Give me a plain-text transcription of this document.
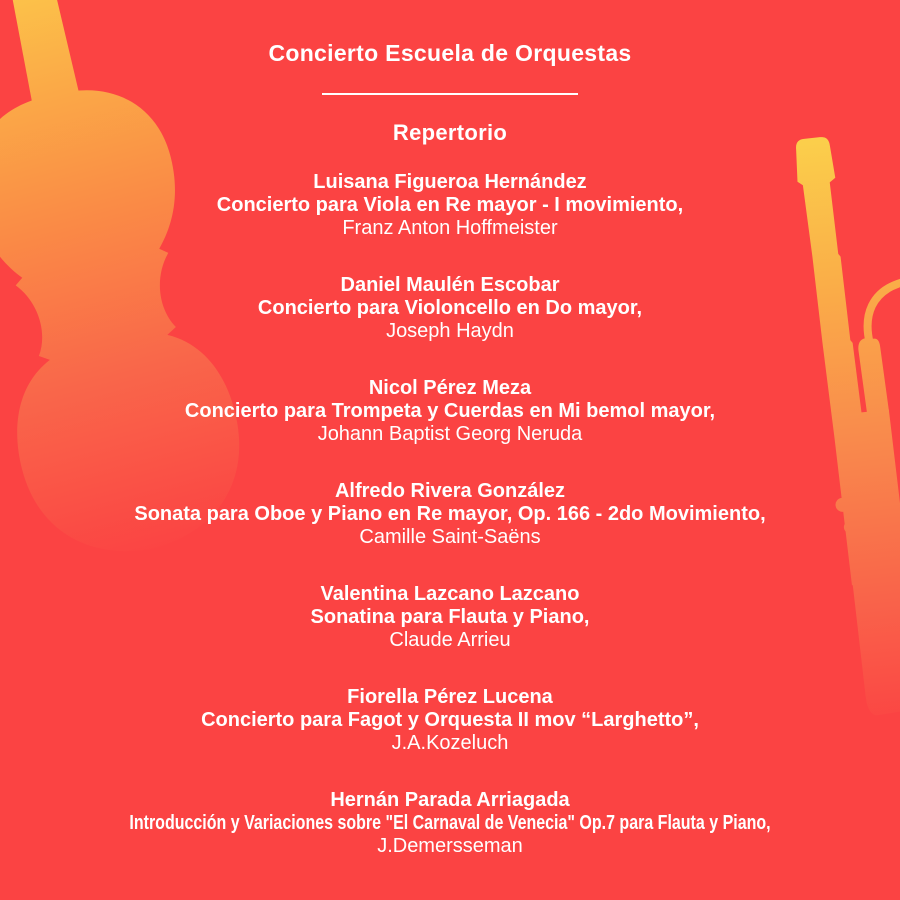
Concierto Escuela de Orquestas
Repertorio
Luisana Figueroa Hernández
Concierto para Viola en Re mayor - I movimiento,
Franz Anton Hoffmeister
Daniel Maulén Escobar
Concierto para Violoncello en Do mayor,
Joseph Haydn
Nicol Pérez Meza
Concierto para Trompeta y Cuerdas en Mi bemol mayor,
Johann Baptist Georg Neruda
Alfredo Rivera González
Sonata para Oboe y Piano en Re mayor, Op. 166 - 2do Movimiento,
Camille Saint-Saëns
Valentina Lazcano Lazcano
Sonatina para Flauta y Piano,
Claude Arrieu
Fiorella Pérez Lucena
Concierto para Fagot y Orquesta II mov “Larghetto”,
J.A.Kozeluch
Hernán Parada Arriagada
Introducción y Variaciones sobre "El Carnaval de Venecia" Op.7 para Flauta y Piano,
J.Demersseman
